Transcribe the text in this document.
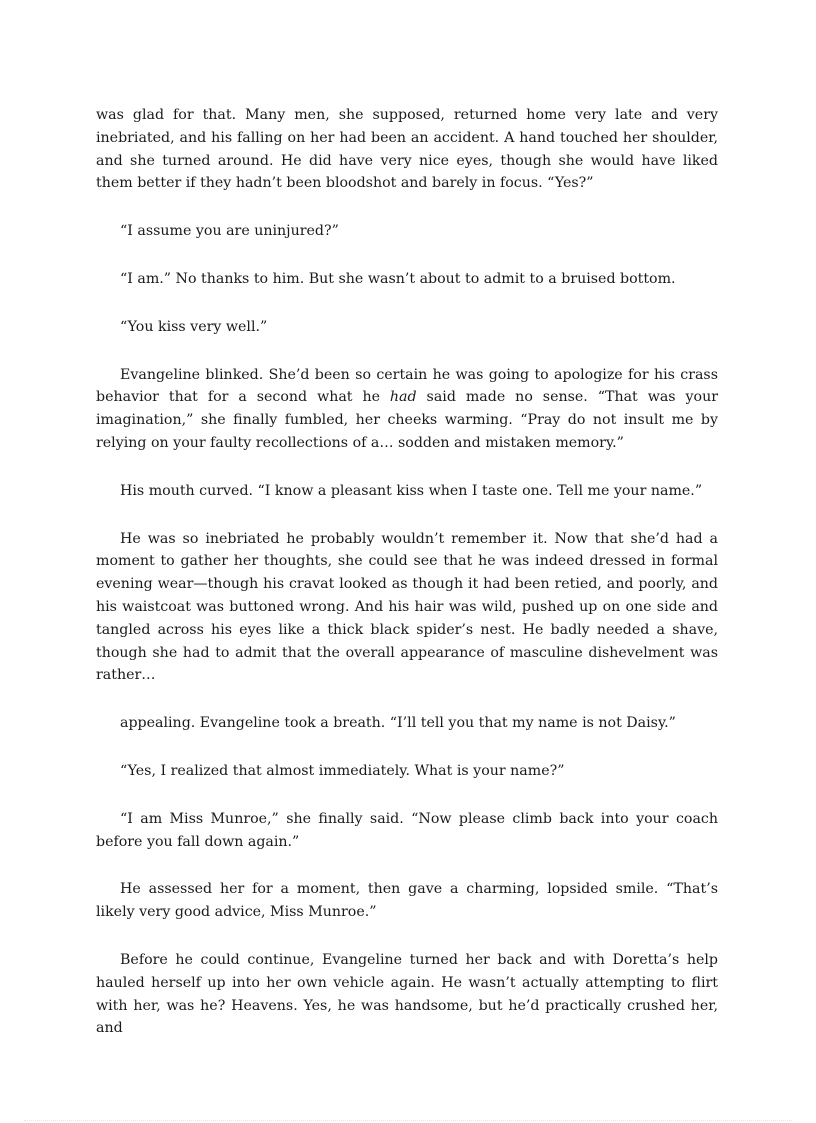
was glad for that. Many men, she supposed, returned home very late and very inebriated, and his falling on her had been an accident. A hand touched her shoulder, and she turned around. He did have very nice eyes, though she would have liked them better if they hadn’t been bloodshot and barely in focus. “Yes?”

“I assume you are uninjured?”

“I am.” No thanks to him. But she wasn’t about to admit to a bruised bottom.

“You kiss very well.”

Evangeline blinked. She’d been so certain he was going to apologize for his crass behavior that for a second what he had said made no sense. “That was your imagination,” she finally fumbled, her cheeks warming. “Pray do not insult me by relying on your faulty recollections of a… sodden and mistaken memory.”

His mouth curved. “I know a pleasant kiss when I taste one. Tell me your name.”

He was so inebriated he probably wouldn’t remember it. Now that she’d had a moment to gather her thoughts, she could see that he was indeed dressed in formal evening wear—though his cravat looked as though it had been retied, and poorly, and his waistcoat was buttoned wrong. And his hair was wild, pushed up on one side and tangled across his eyes like a thick black spider’s nest. He badly needed a shave, though she had to admit that the overall appearance of masculine dishevelment was rather…

appealing. Evangeline took a breath. “I’ll tell you that my name is not Daisy.”

“Yes, I realized that almost immediately. What is your name?”

“I am Miss Munroe,” she finally said. “Now please climb back into your coach before you fall down again.”

He assessed her for a moment, then gave a charming, lopsided smile. “That’s likely very good advice, Miss Munroe.”

Before he could continue, Evangeline turned her back and with Doretta’s help hauled herself up into her own vehicle again. He wasn’t actually attempting to flirt with her, was he? Heavens. Yes, he was handsome, but he’d practically crushed her, and
